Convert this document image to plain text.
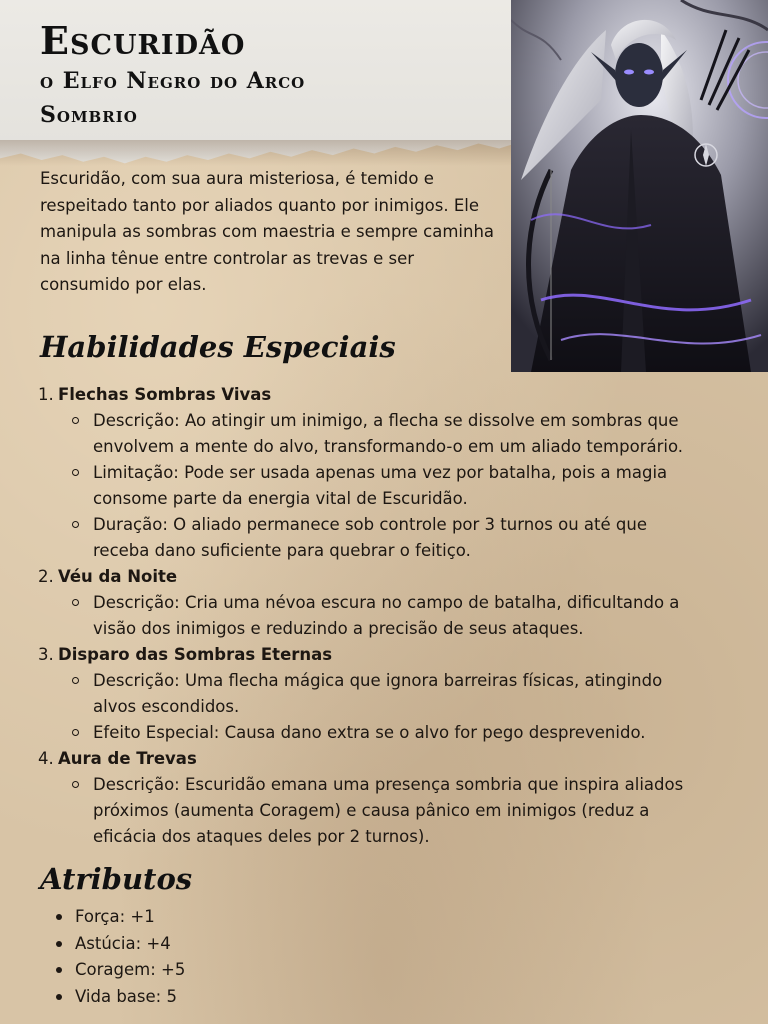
Escuridão
o Elfo Negro do Arco Sombrio
Escuridão, com sua aura misteriosa, é temido e respeitado tanto por aliados quanto por inimigos. Ele manipula as sombras com maestria e sempre caminha na linha tênue entre controlar as trevas e ser consumido por elas.
Habilidades Especiais
1. Flechas Sombras Vivas
Descrição: Ao atingir um inimigo, a flecha se dissolve em sombras que envolvem a mente do alvo, transformando-o em um aliado temporário.
Limitação: Pode ser usada apenas uma vez por batalha, pois a magia consome parte da energia vital de Escuridão.
Duração: O aliado permanece sob controle por 3 turnos ou até que receba dano suficiente para quebrar o feitiço.
2. Véu da Noite
Descrição: Cria uma névoa escura no campo de batalha, dificultando a visão dos inimigos e reduzindo a precisão de seus ataques.
3. Disparo das Sombras Eternas
Descrição: Uma flecha mágica que ignora barreiras físicas, atingindo alvos escondidos.
Efeito Especial: Causa dano extra se o alvo for pego desprevenido.
4. Aura de Trevas
Descrição: Escuridão emana uma presença sombria que inspira aliados próximos (aumenta Coragem) e causa pânico em inimigos (reduz a eficácia dos ataques deles por 2 turnos).
Atributos
Força: +1
Astúcia: +4
Coragem: +5
Vida base: 5
